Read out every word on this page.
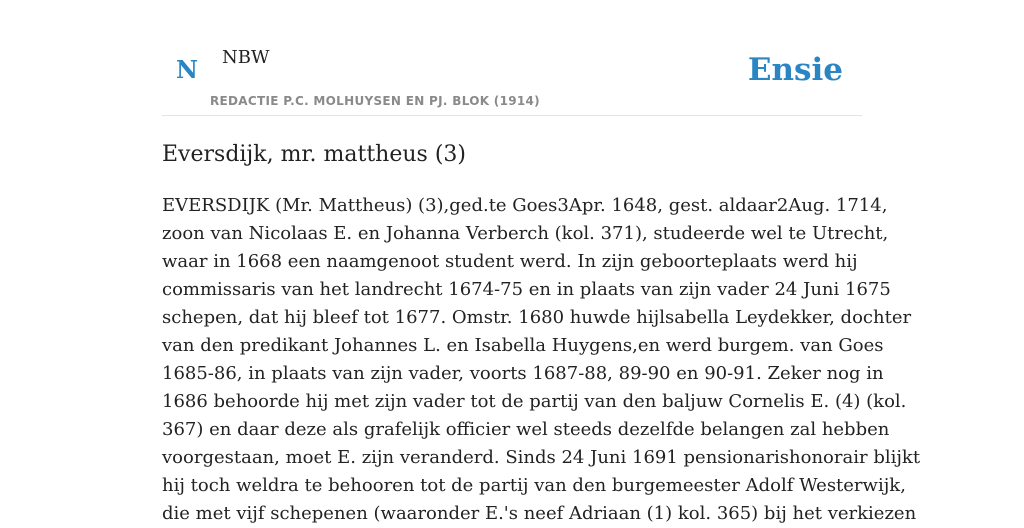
N NBW
REDACTIE P.C. MOLHUYSEN EN PJ. BLOK (1914)
Ensie
Eversdijk, mr. mattheus (3)
EVERSDIJK (Mr. Mattheus) (3),ged.te Goes3Apr. 1648, gest. aldaar2Aug. 1714,
zoon van Nicolaas E. en Johanna Verberch (kol. 371), studeerde wel te Utrecht,
waar in 1668 een naamgenoot student werd. In zijn geboorteplaats werd hij
commissaris van het landrecht 1674-75 en in plaats van zijn vader 24 Juni 1675
schepen, dat hij bleef tot 1677. Omstr. 1680 huwde hijlsabella Leydekker, dochter
van den predikant Johannes L. en Isabella Huygens,en werd burgem. van Goes
1685-86, in plaats van zijn vader, voorts 1687-88, 89-90 en 90-91. Zeker nog in
1686 behoorde hij met zijn vader tot de partij van den baljuw Cornelis E. (4) (kol.
367) en daar deze als grafelijk officier wel steeds dezelfde belangen zal hebben
voorgestaan, moet E. zijn veranderd. Sinds 24 Juni 1691 pensionarishonorair blijkt
hij toch weldra te behooren tot de partij van den burgemeester Adolf Westerwijk,
die met vijf schepenen (waaronder E.'s neef Adriaan (1) kol. 365) bij het verkiezen
